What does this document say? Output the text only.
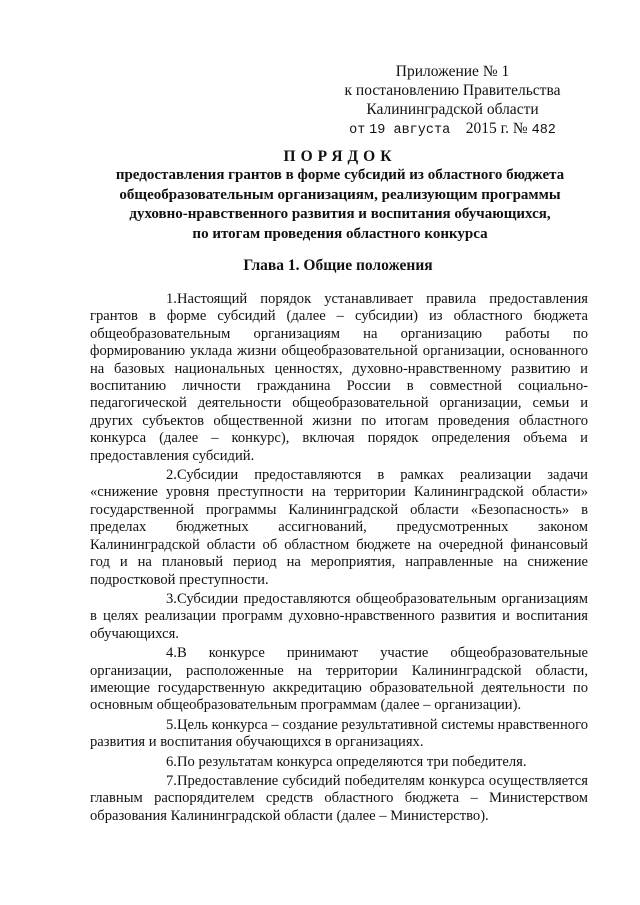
Приложение № 1
к постановлению Правительства
Калининградской области
от 19 августа 2015 г. № 482
ПОРЯДОК
предоставления грантов в форме субсидий из областного бюджета
общеобразовательным организациям, реализующим программы
духовно-нравственного развития и воспитания обучающихся,
по итогам проведения областного конкурса
Глава 1. Общие положения

1.Настоящий порядок устанавливает правила предоставления грантов в форме субсидий (далее – субсидии) из областного бюджета общеобразовательным организациям на организацию работы по формированию уклада жизни общеобразовательной организации, основанного на базовых национальных ценностях, духовно-нравственному развитию и воспитанию личности гражданина России в совместной социально-педагогической деятельности общеобразовательной организации, семьи и других субъектов общественной жизни по итогам проведения областного конкурса (далее – конкурс), включая порядок определения объема и предоставления субсидий.

2.Субсидии предоставляются в рамках реализации задачи «снижение уровня преступности на территории Калининградской области» государственной программы Калининградской области «Безопасность» в пределах бюджетных ассигнований, предусмотренных законом Калининградской области об областном бюджете на очередной финансовый год и на плановый период на мероприятия, направленные на снижение подростковой преступности.

3.Субсидии предоставляются общеобразовательным организациям в целях реализации программ духовно-нравственного развития и воспитания обучающихся.

4.В конкурсе принимают участие общеобразовательные организации, расположенные на территории Калининградской области, имеющие государственную аккредитацию образовательной деятельности по основным общеобразовательным программам (далее – организации).

5.Цель конкурса – создание результативной системы нравственного развития и воспитания обучающихся в организациях.

6.По результатам конкурса определяются три победителя.

7.Предоставление субсидий победителям конкурса осуществляется главным распорядителем средств областного бюджета – Министерством образования Калининградской области (далее – Министерство).
